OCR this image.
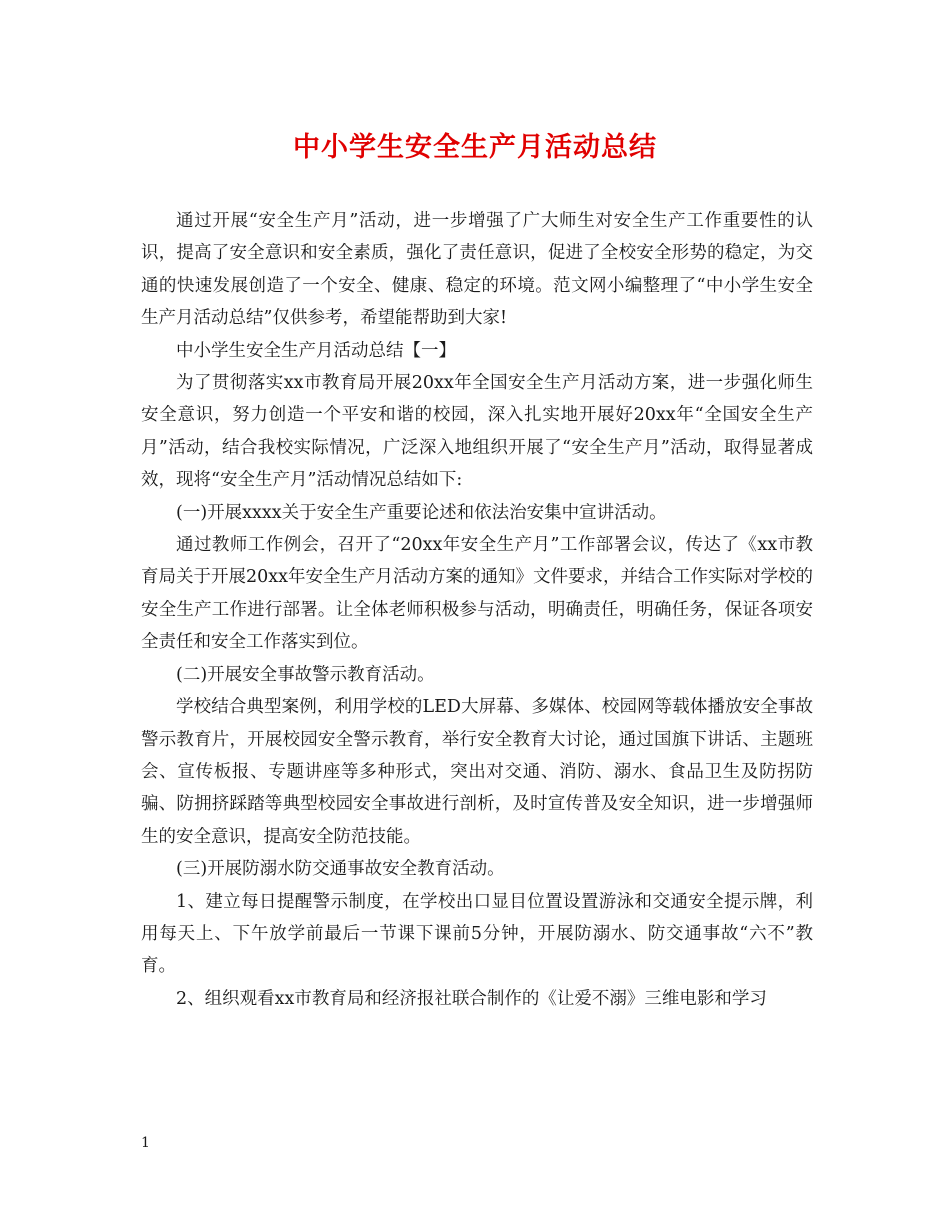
中小学生安全生产月活动总结

通过开展“安全生产月”活动，进一步增强了广大师生对安全生产工作重要性的认识，提高了安全意识和安全素质，强化了责任意识，促进了全校安全形势的稳定，为交通的快速发展创造了一个安全、健康、稳定的环境。范文网小编整理了“中小学生安全生产月活动总结”仅供参考，希望能帮助到大家!

中小学生安全生产月活动总结【一】

为了贯彻落实xx市教育局开展20xx年全国安全生产月活动方案，进一步强化师生安全意识，努力创造一个平安和谐的校园，深入扎实地开展好20xx年“全国安全生产月”活动，结合我校实际情况，广泛深入地组织开展了“安全生产月”活动，取得显著成效，现将“安全生产月”活动情况总结如下:

(一)开展xxxx关于安全生产重要论述和依法治安集中宣讲活动。

通过教师工作例会，召开了“20xx年安全生产月”工作部署会议，传达了《xx市教育局关于开展20xx年安全生产月活动方案的通知》文件要求，并结合工作实际对学校的安全生产工作进行部署。让全体老师积极参与活动，明确责任，明确任务，保证各项安全责任和安全工作落实到位。

(二)开展安全事故警示教育活动。

学校结合典型案例，利用学校的LED大屏幕、多媒体、校园网等载体播放安全事故警示教育片，开展校园安全警示教育，举行安全教育大讨论，通过国旗下讲话、主题班会、宣传板报、专题讲座等多种形式，突出对交通、消防、溺水、食品卫生及防拐防骗、防拥挤踩踏等典型校园安全事故进行剖析，及时宣传普及安全知识，进一步增强师生的安全意识，提高安全防范技能。

(三)开展防溺水防交通事故安全教育活动。

1、建立每日提醒警示制度，在学校出口显目位置设置游泳和交通安全提示牌，利用每天上、下午放学前最后一节课下课前5分钟，开展防溺水、防交通事故“六不”教育。

2、组织观看xx市教育局和经济报社联合制作的《让爱不溺》三维电影和学习

1
